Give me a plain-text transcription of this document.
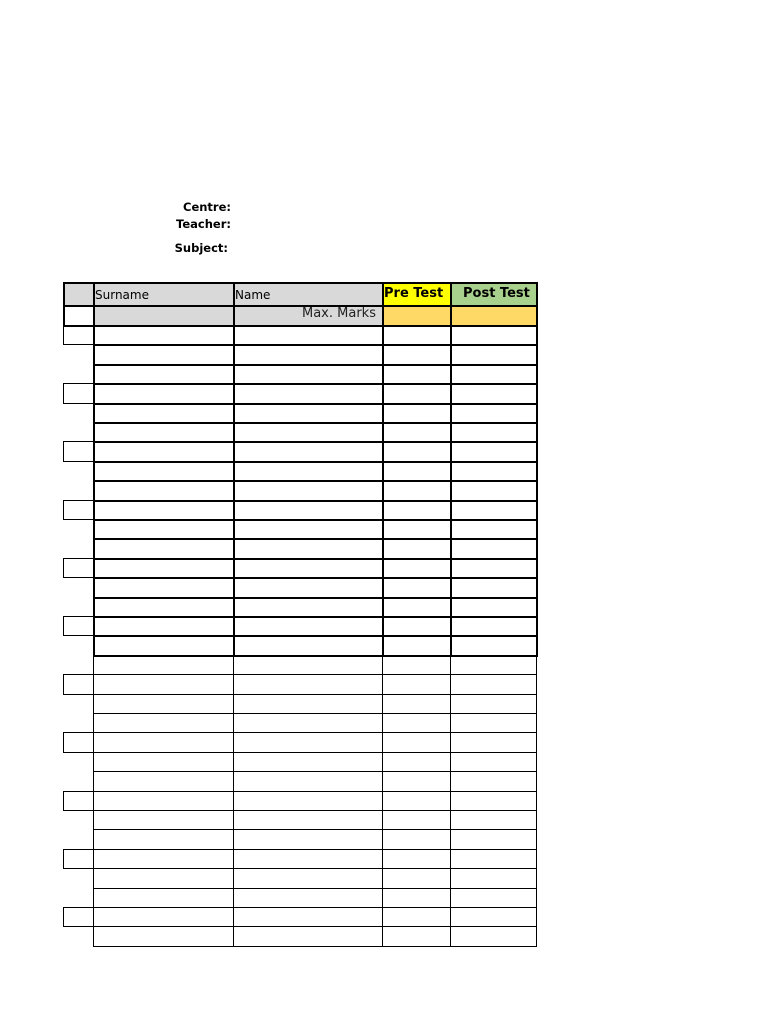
Centre:
Teacher:
Subject:
Surname	Name	Pre Test Post Test
Max. Marks
